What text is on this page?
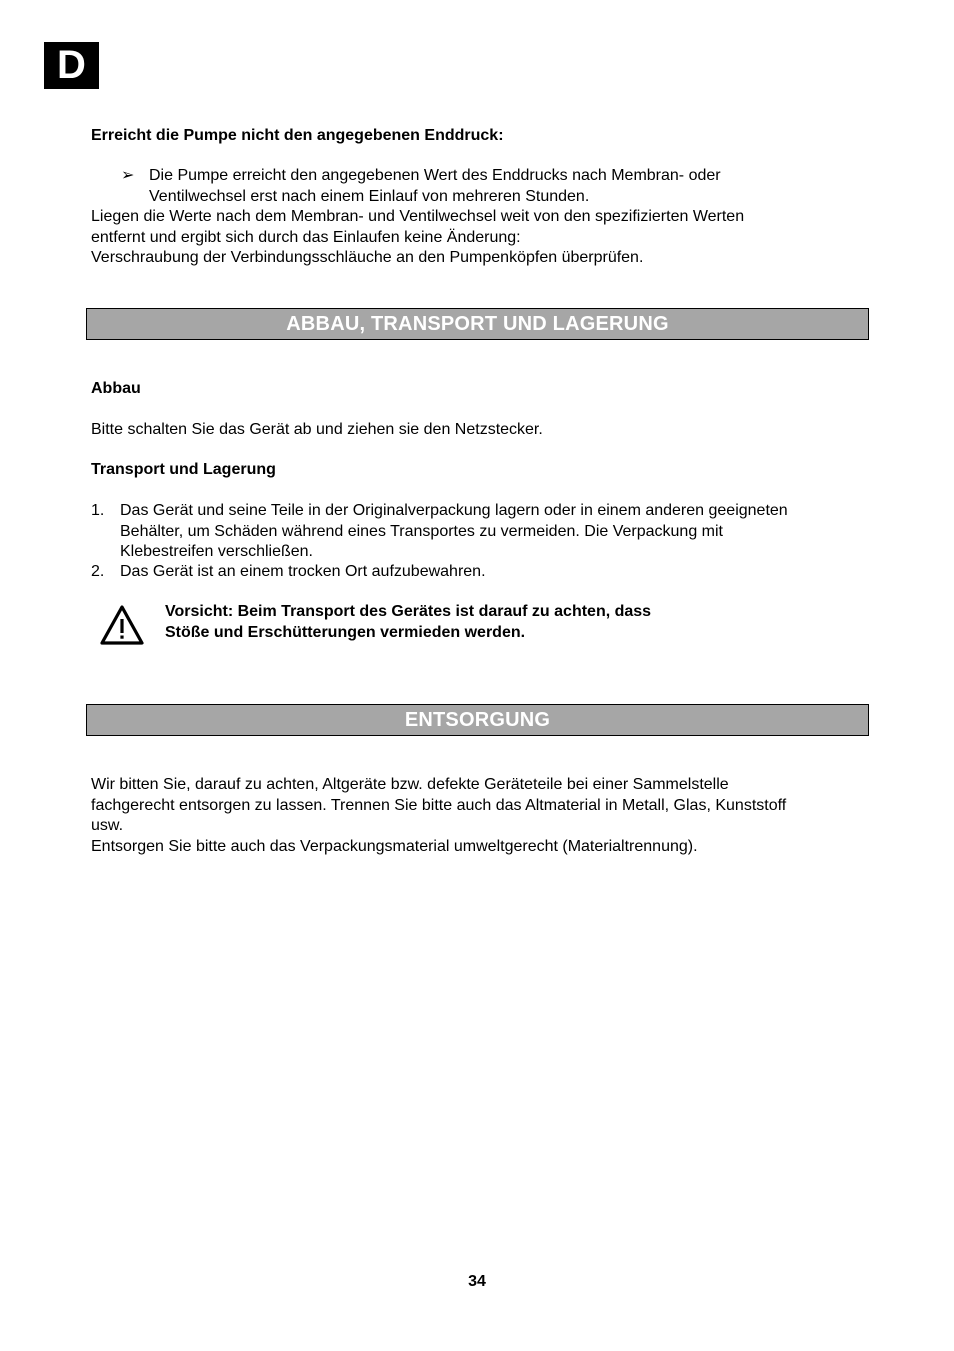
D
Erreicht die Pumpe nicht den angegebenen Enddruck:
➢ Die Pumpe erreicht den angegebenen Wert des Enddrucks nach Membran- oder
Ventilwechsel erst nach einem Einlauf von mehreren Stunden.
Liegen die Werte nach dem Membran- und Ventilwechsel weit von den spezifizierten Werten
entfernt und ergibt sich durch das Einlaufen keine Änderung:
Verschraubung der Verbindungsschläuche an den Pumpenköpfen überprüfen.
ABBAU, TRANSPORT UND LAGERUNG
Abbau
Bitte schalten Sie das Gerät ab und ziehen sie den Netzstecker.
Transport und Lagerung
1. Das Gerät und seine Teile in der Originalverpackung lagern oder in einem anderen geeigneten
Behälter, um Schäden während eines Transportes zu vermeiden. Die Verpackung mit
Klebestreifen verschließen.
2. Das Gerät ist an einem trocken Ort aufzubewahren.
Vorsicht: Beim Transport des Gerätes ist darauf zu achten, dass
Stöße und Erschütterungen vermieden werden.
ENTSORGUNG
Wir bitten Sie, darauf zu achten, Altgeräte bzw. defekte Geräteteile bei einer Sammelstelle
fachgerecht entsorgen zu lassen. Trennen Sie bitte auch das Altmaterial in Metall, Glas, Kunststoff
usw.
Entsorgen Sie bitte auch das Verpackungsmaterial umweltgerecht (Materialtrennung).
34
